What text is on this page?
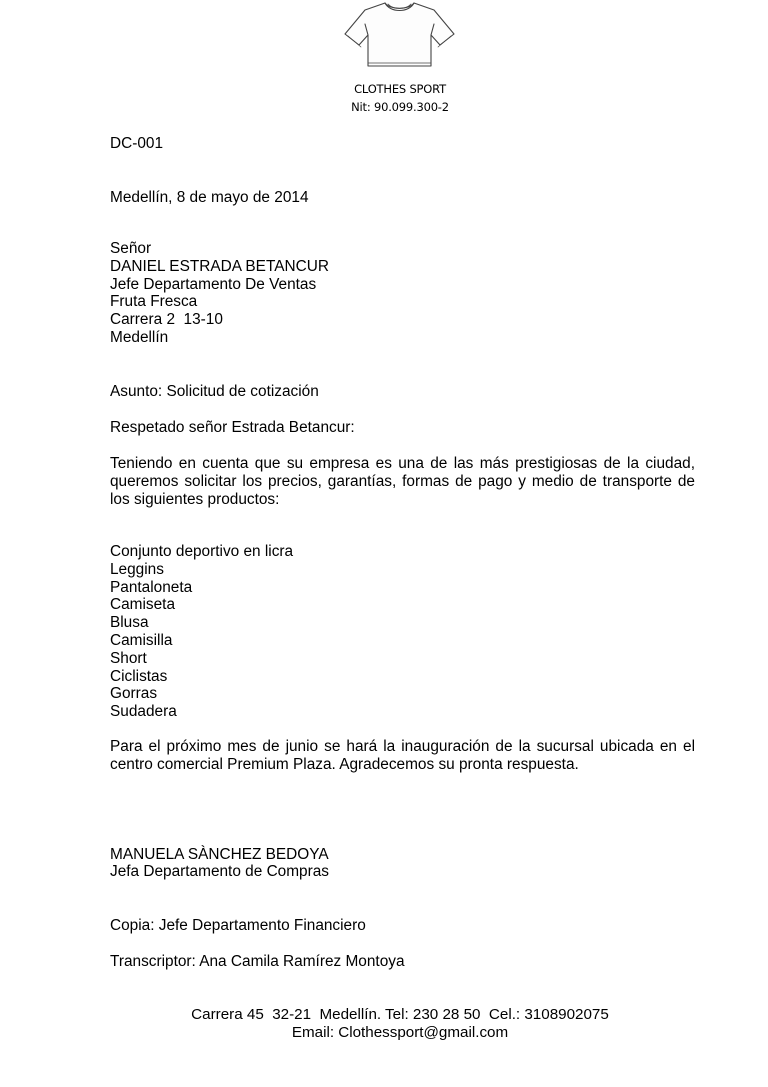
CLOTHES SPORT
Nit: 90.099.300-2
DC-001
Medellín, 8 de mayo de 2014
Señor
DANIEL ESTRADA BETANCUR
Jefe Departamento De Ventas
Fruta Fresca
Carrera 2  13-10
Medellín
Asunto: Solicitud de cotización
Respetado señor Estrada Betancur:
Teniendo en cuenta que su empresa es una de las más prestigiosas de la ciudad, queremos solicitar los precios, garantías, formas de pago y medio de transporte de los siguientes productos:
Conjunto deportivo en licra
Leggins
Pantaloneta
Camiseta
Blusa
Camisilla
Short
Ciclistas
Gorras
Sudadera
Para el próximo mes de junio se hará la inauguración de la sucursal ubicada en el centro comercial Premium Plaza. Agradecemos su pronta respuesta.
MANUELA SÀNCHEZ BEDOYA
Jefa Departamento de Compras
Copia: Jefe Departamento Financiero
Transcriptor: Ana Camila Ramírez Montoya
Carrera 45  32-21  Medellín. Tel: 230 28 50  Cel.: 3108902075
Email: Clothessport@gmail.com
